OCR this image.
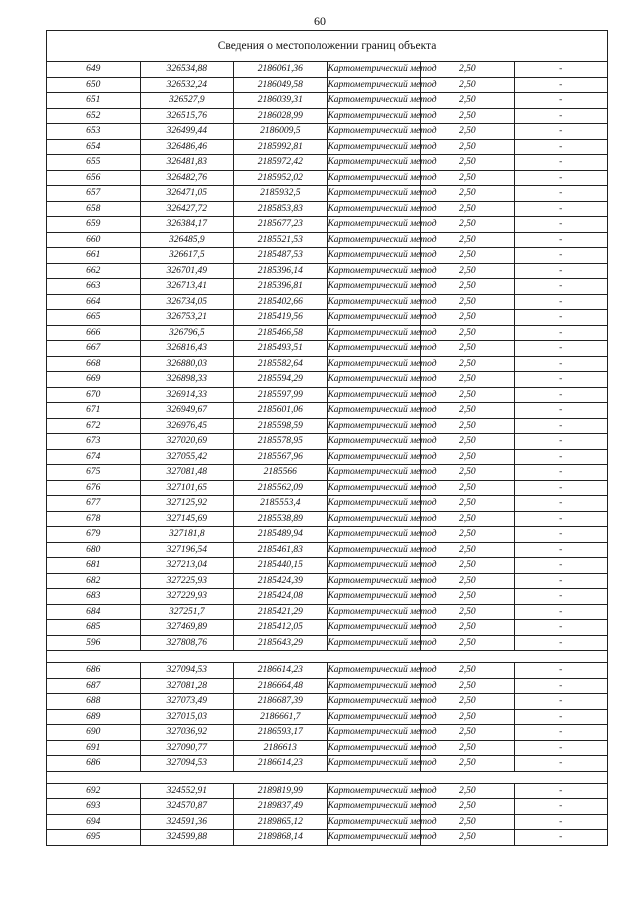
60
Сведения о местоположении границ объекта					
649	326534,88	2186061,36	Картометрический метод	2,50	-
650	326532,24	2186049,58	Картометрический метод	2,50	-
651	326527,9	2186039,31	Картометрический метод	2,50	-
652	326515,76	2186028,99	Картометрический метод	2,50	-
653	326499,44	2186009,5	Картометрический метод	2,50	-
654	326486,46	2185992,81	Картометрический метод	2,50	-
655	326481,83	2185972,42	Картометрический метод	2,50	-
656	326482,76	2185952,02	Картометрический метод	2,50	-
657	326471,05	2185932,5	Картометрический метод	2,50	-
658	326427,72	2185853,83	Картометрический метод	2,50	-
659	326384,17	2185677,23	Картометрический метод	2,50	-
660	326485,9	2185521,53	Картометрический метод	2,50	-
661	326617,5	2185487,53	Картометрический метод	2,50	-
662	326701,49	2185396,14	Картометрический метод	2,50	-
663	326713,41	2185396,81	Картометрический метод	2,50	-
664	326734,05	2185402,66	Картометрический метод	2,50	-
665	326753,21	2185419,56	Картометрический метод	2,50	-
666	326796,5	2185466,58	Картометрический метод	2,50	-
667	326816,43	2185493,51	Картометрический метод	2,50	-
668	326880,03	2185582,64	Картометрический метод	2,50	-
669	326898,33	2185594,29	Картометрический метод	2,50	-
670	326914,33	2185597,99	Картометрический метод	2,50	-
671	326949,67	2185601,06	Картометрический метод	2,50	-
672	326976,45	2185598,59	Картометрический метод	2,50	-
673	327020,69	2185578,95	Картометрический метод	2,50	-
674	327055,42	2185567,96	Картометрический метод	2,50	-
675	327081,48	2185566	Картометрический метод	2,50	-
676	327101,65	2185562,09	Картометрический метод	2,50	-
677	327125,92	2185553,4	Картометрический метод	2,50	-
678	327145,69	2185538,89	Картометрический метод	2,50	-
679	327181,8	2185489,94	Картометрический метод	2,50	-
680	327196,54	2185461,83	Картометрический метод	2,50	-
681	327213,04	2185440,15	Картометрический метод	2,50	-
682	327225,93	2185424,39	Картометрический метод	2,50	-
683	327229,93	2185424,08	Картометрический метод	2,50	-
684	327251,7	2185421,29	Картометрический метод	2,50	-
685	327469,89	2185412,05	Картометрический метод	2,50	-
596	327808,76	2185643,29	Картометрический метод	2,50	-

686	327094,53	2186614,23	Картометрический метод	2,50	-
687	327081,28	2186664,48	Картометрический метод	2,50	-
688	327073,49	2186687,39	Картометрический метод	2,50	-
689	327015,03	2186661,7	Картометрический метод	2,50	-
690	327036,92	2186593,17	Картометрический метод	2,50	-
691	327090,77	2186613	Картометрический метод	2,50	-
686	327094,53	2186614,23	Картометрический метод	2,50	-

692	324552,91	2189819,99	Картометрический метод	2,50	-
693	324570,87	2189837,49	Картометрический метод	2,50	-
694	324591,36	2189865,12	Картометрический метод	2,50	-
695	324599,88	2189868,14	Картометрический метод	2,50	-
